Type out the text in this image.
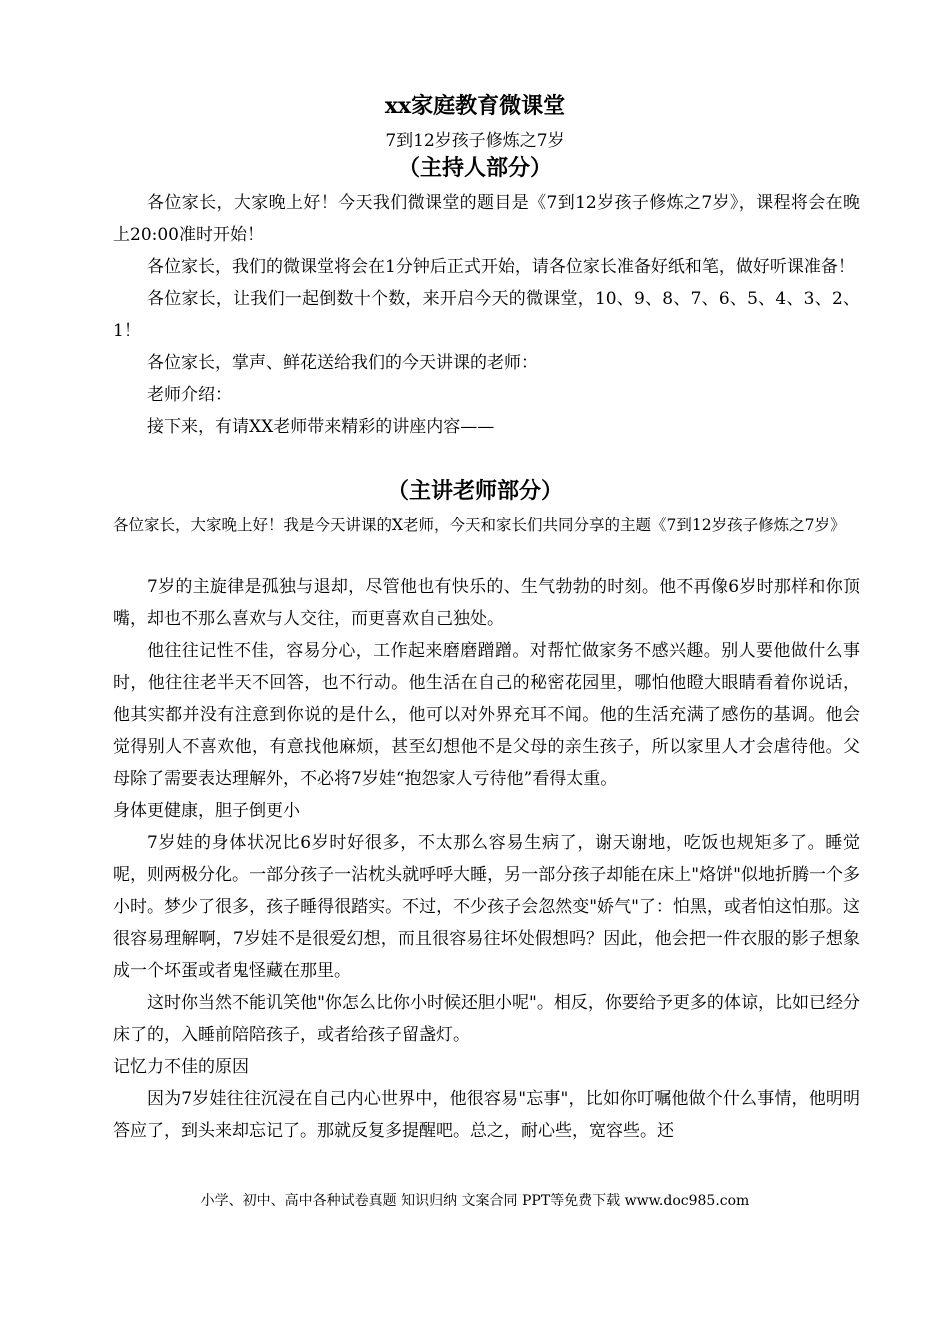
xx家庭教育微课堂
7到12岁孩子修炼之7岁
（主持人部分）

各位家长，大家晚上好！今天我们微课堂的题目是《7到12岁孩子修炼之7岁》，课程将会在晚上20:00准时开始！

各位家长，我们的微课堂将会在1分钟后正式开始，请各位家长准备好纸和笔，做好听课准备！

各位家长，让我们一起倒数十个数，来开启今天的微课堂，10、9、8、7、6、5、4、3、2、1！

各位家长，掌声、鲜花送给我们的今天讲课的老师：

老师介绍：

接下来，有请XX老师带来精彩的讲座内容——

（主讲老师部分）

各位家长，大家晚上好！我是今天讲课的X老师，今天和家长们共同分享的主题《7到12岁孩子修炼之7岁》

7岁的主旋律是孤独与退却，尽管他也有快乐的、生气勃勃的时刻。他不再像6岁时那样和你顶嘴，却也不那么喜欢与人交往，而更喜欢自己独处。

他往往记性不佳，容易分心，工作起来磨磨蹭蹭。对帮忙做家务不感兴趣。别人要他做什么事时，他往往老半天不回答，也不行动。他生活在自己的秘密花园里，哪怕他瞪大眼睛看着你说话，他其实都并没有注意到你说的是什么，他可以对外界充耳不闻。他的生活充满了感伤的基调。他会觉得别人不喜欢他，有意找他麻烦，甚至幻想他不是父母的亲生孩子，所以家里人才会虐待他。父母除了需要表达理解外，不必将7岁娃“抱怨家人亏待他”看得太重。

身体更健康，胆子倒更小

7岁娃的身体状况比6岁时好很多，不太那么容易生病了，谢天谢地，吃饭也规矩多了。睡觉呢，则两极分化。一部分孩子一沾枕头就呼呼大睡，另一部分孩子却能在床上"烙饼"似地折腾一个多小时。梦少了很多，孩子睡得很踏实。不过，不少孩子会忽然变"娇气"了：怕黑，或者怕这怕那。这很容易理解啊，7岁娃不是很爱幻想，而且很容易往坏处假想吗？因此，他会把一件衣服的影子想象成一个坏蛋或者鬼怪藏在那里。

这时你当然不能讥笑他"你怎么比你小时候还胆小呢"。相反，你要给予更多的体谅，比如已经分床了的，入睡前陪陪孩子，或者给孩子留盏灯。

记忆力不佳的原因

因为7岁娃往往沉浸在自己内心世界中，他很容易"忘事"，比如你叮嘱他做个什么事情，他明明答应了，到头来却忘记了。那就反复多提醒吧。总之，耐心些，宽容些。还

小学、初中、高中各种试卷真题 知识归纳 文案合同 PPT等免费下载 www.doc985.com
